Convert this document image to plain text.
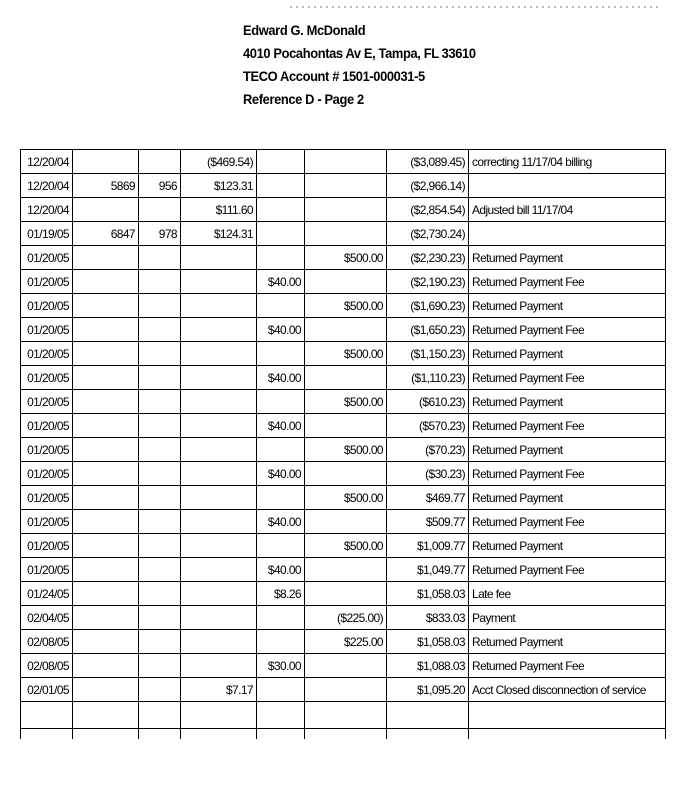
Edward G. McDonald
4010 Pocahontas Av E, Tampa, FL 33610
TECO Account # 1501-000031-5
Reference D - Page 2
12/20/04			($469.54)			($3,089.45)	correcting 11/17/04 billing
12/20/04	5869	956	$123.31			($2,966.14)	
12/20/04			$111.60			($2,854.54)	Adjusted bill 11/17/04
01/19/05	6847	978	$124.31			($2,730.24)	
01/20/05					$500.00	($2,230.23)	Returned Payment
01/20/05				$40.00		($2,190.23)	Returned Payment Fee
01/20/05					$500.00	($1,690.23)	Returned Payment
01/20/05				$40.00		($1,650.23)	Returned Payment Fee
01/20/05					$500.00	($1,150.23)	Returned Payment
01/20/05				$40.00		($1,110.23)	Returned Payment Fee
01/20/05					$500.00	($610.23)	Returned Payment
01/20/05				$40.00		($570.23)	Returned Payment Fee
01/20/05					$500.00	($70.23)	Returned Payment
01/20/05				$40.00		($30.23)	Returned Payment Fee
01/20/05					$500.00	$469.77	Returned Payment
01/20/05				$40.00		$509.77	Returned Payment Fee
01/20/05					$500.00	$1,009.77	Returned Payment
01/20/05				$40.00		$1,049.77	Returned Payment Fee
01/24/05				$8.26		$1,058.03	Late fee
02/04/05					($225.00)	$833.03	Payment
02/08/05					$225.00	$1,058.03	Returned Payment
02/08/05				$30.00		$1,088.03	Returned Payment Fee
02/01/05			$7.17			$1,095.20	Acct Closed disconnection of service
